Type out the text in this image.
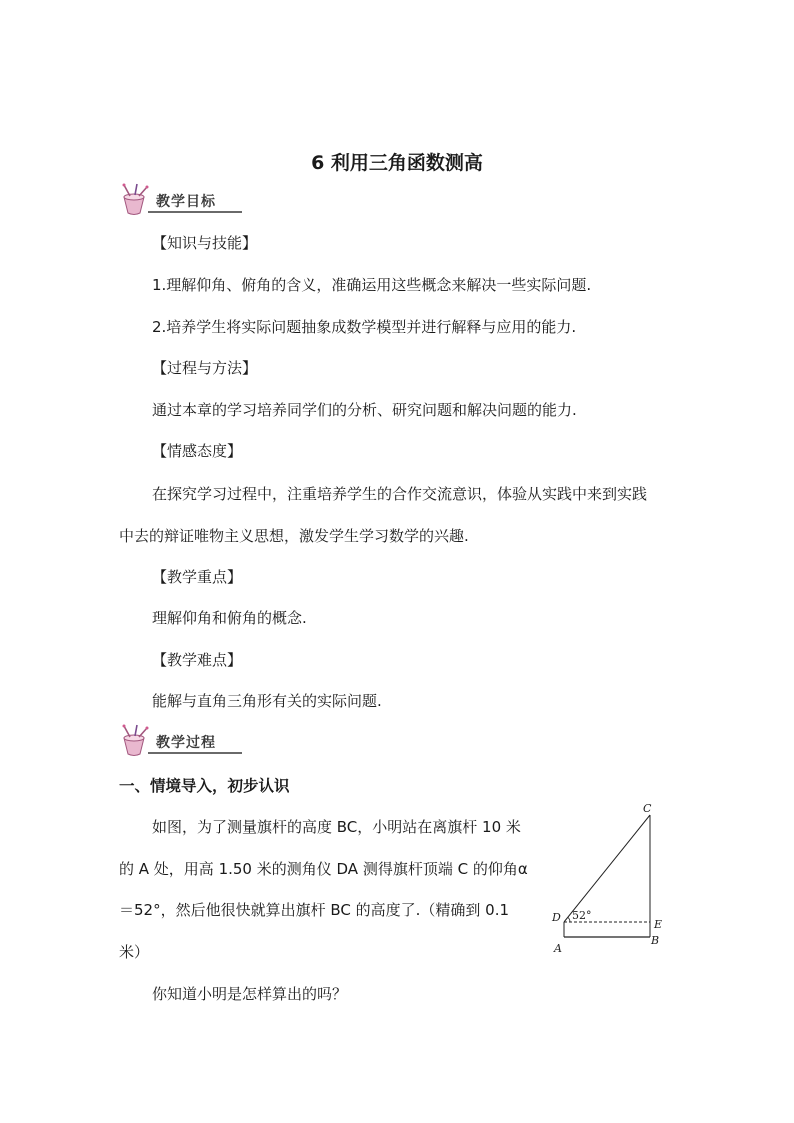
6 利用三角函数测高
教学目标
【知识与技能】
1.理解仰角、俯角的含义，准确运用这些概念来解决一些实际问题.
2.培养学生将实际问题抽象成数学模型并进行解释与应用的能力.
【过程与方法】
通过本章的学习培养同学们的分析、研究问题和解决问题的能力.
【情感态度】
在探究学习过程中，注重培养学生的合作交流意识，体验从实践中来到实践
中去的辩证唯物主义思想，激发学生学习数学的兴趣.
【教学重点】
理解仰角和俯角的概念.
【教学难点】
能解与直角三角形有关的实际问题.
教学过程
一、情境导入，初步认识
如图，为了测量旗杆的高度 BC，小明站在离旗杆 10 米
的 A 处，用高 1.50 米的测角仪 DA 测得旗杆顶端 C 的仰角α
＝52°，然后他很快就算出旗杆 BC 的高度了.（精确到 0.1
米）
你知道小明是怎样算出的吗？
C
D 52°
E
A
B
